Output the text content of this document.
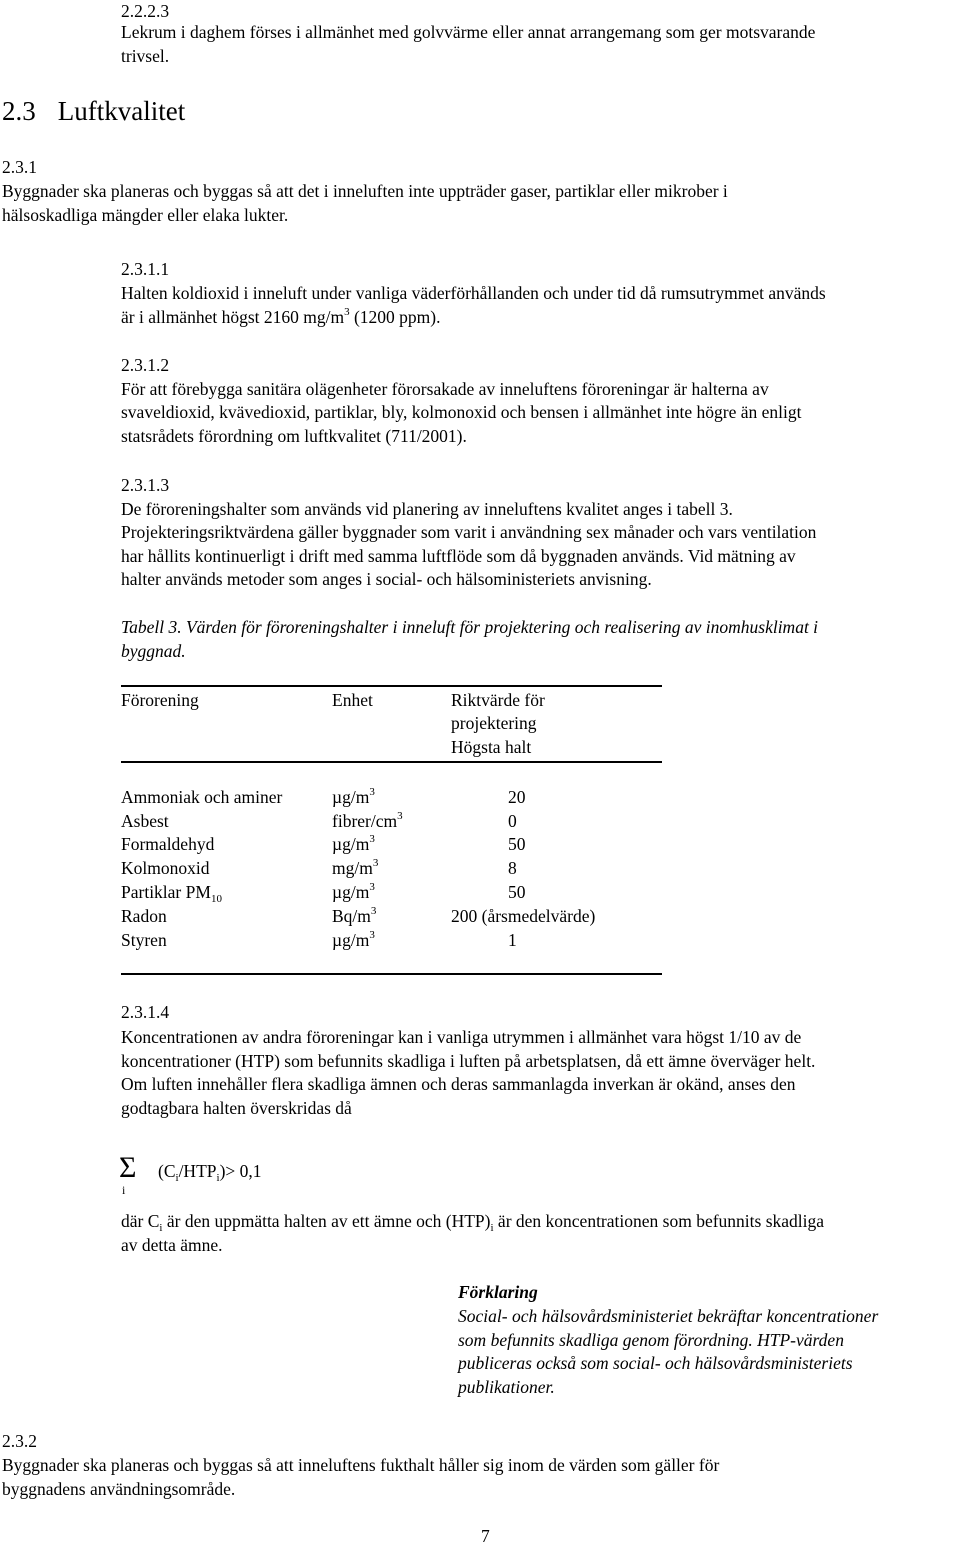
2.2.2.3
Lekrum i daghem förses i allmänhet med golvvärme eller annat arrangemang som ger motsvarande
trivsel.
2.3 Luftkvalitet
2.3.1
Byggnader ska planeras och byggas så att det i inneluften inte uppträder gaser, partiklar eller mikrober i
hälsoskadliga mängder eller elaka lukter.
2.3.1.1
Halten koldioxid i inneluft under vanliga väderförhållanden och under tid då rumsutrymmet används
är i allmänhet högst 2160 $mg/m^3$ (1200 ppm).
2.3.1.2
För att förebygga sanitära olägenheter förorsakade av inneluftens föroreningar är halterna av
svaveldioxid, kvävedioxid, partiklar, bly, kolmonoxid och bensen i allmänhet inte högre än enligt
statsrådets förordning om luftkvalitet (711/2001).
2.3.1.3
De föroreningshalter som används vid planering av inneluftens kvalitet anges i tabell 3.
Projekteringsriktvärdena gäller byggnader som varit i användning sex månader och vars ventilation
har hållits kontinuerligt i drift med samma luftflöde som då byggnaden används. Vid mätning av
halter används metoder som anges i social- och hälsoministeriets anvisning.
Tabell 3. Värden för föroreningshalter i inneluft för projektering och realisering av inomhusklimat i
byggnad.
Förorening	Enhet	Riktvärde för
projektering
Högsta halt
Ammoniak och aminer	$\mu g/m^3$	20
Asbest	fibrer/$cm^3$	0
Formaldehyd	$\mu g/m^3$	50
Kolmonoxid	$mg/m^3$	8
Partiklar $PM_{10}$	$\mu g/m^3$	50
Radon	$Bq/m^3$	200 (årsmedelvärde)
Styren	$\mu g/m^3$	1
2.3.1.4
Koncentrationen av andra föroreningar kan i vanliga utrymmen i allmänhet vara högst 1/10 av de
koncentrationer (HTP) som befunnits skadliga i luften på arbetsplatsen, då ett ämne överväger helt.
Om luften innehåller flera skadliga ämnen och deras sammanlagda inverkan är okänd, anses den
godtagbara halten överskridas då
Σ
i
$(C_i/HTP_i)> 0,1$
där $C_i$ är den uppmätta halten av ett ämne och $(HTP)_i$ är den koncentrationen som befunnits skadliga
av detta ämne.
Förklaring
Social- och hälsovårdsministeriet bekräftar koncentrationer
som befunnits skadliga genom förordning. HTP-värden
publiceras också som social- och hälsovårdsministeriets
publikationer.
2.3.2
Byggnader ska planeras och byggas så att inneluftens fukthalt håller sig inom de värden som gäller för
byggnadens användningsområde.
7
